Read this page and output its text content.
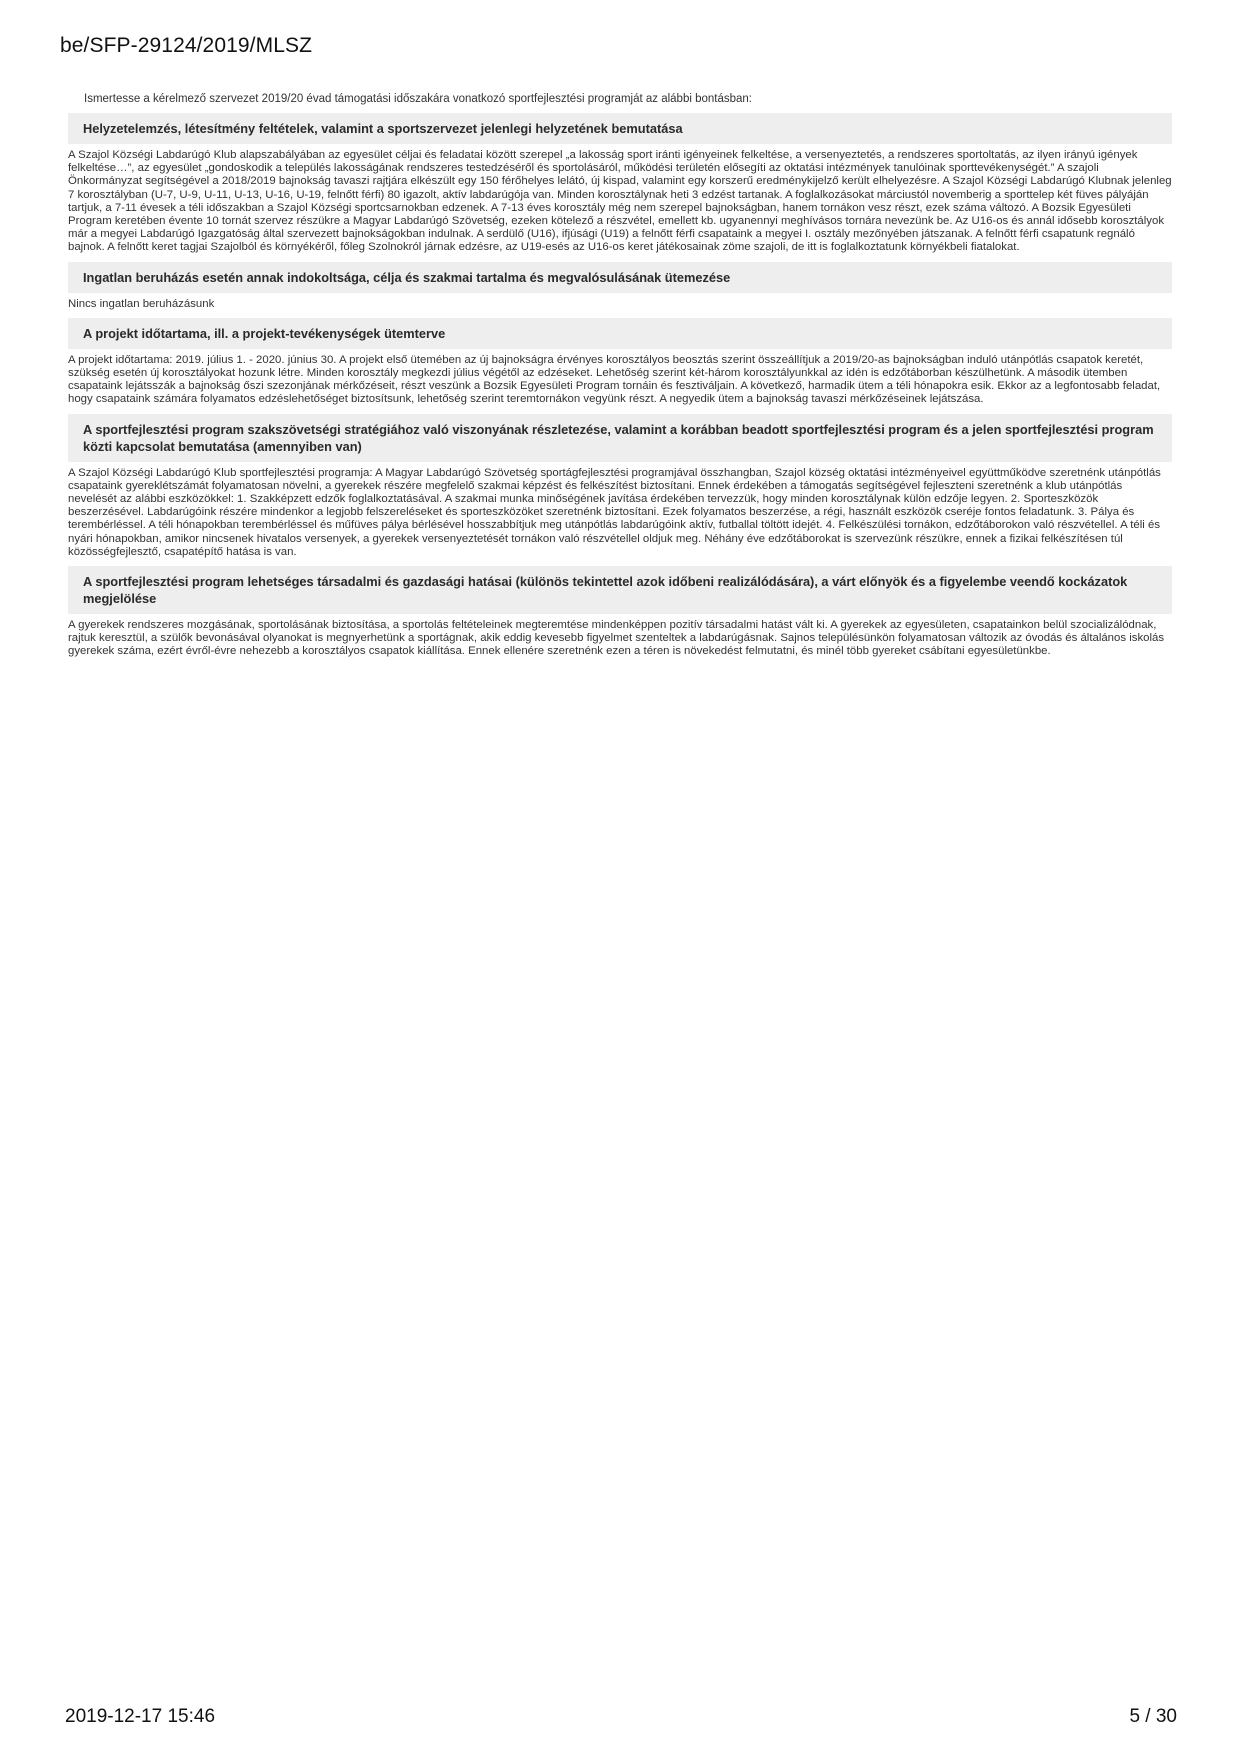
be/SFP-29124/2019/MLSZ
Ismertesse a kérelmező szervezet 2019/20 évad támogatási időszakára vonatkozó sportfejlesztési programját az alábbi bontásban:
Helyzetelemzés, létesítmény feltételek, valamint a sportszervezet jelenlegi helyzetének bemutatása
A Szajol Községi Labdarúgó Klub alapszabályában az egyesület céljai és feladatai között szerepel „a lakosság sport iránti igényeinek felkeltése, a versenyeztetés, a rendszeres sportoltatás, az ilyen irányú igények felkeltése…”, az egyesület „gondoskodik a település lakosságának rendszeres testedzéséről és sportolásáról, működési területén elősegíti az oktatási intézmények tanulóinak sporttevékenységét.” A szajoli Önkormányzat segítségével a 2018/2019 bajnokság tavaszi rajtjára elkészült egy 150 férőhelyes lelátó, új kispad, valamint egy korszerű eredménykijelző került elhelyezésre. A Szajol Községi Labdarúgó Klubnak jelenleg 7 korosztályban (U-7, U-9, U-11, U-13, U-16, U-19, felnőtt férfi) 80 igazolt, aktív labdarúgója van. Minden korosztálynak heti 3 edzést tartanak. A foglalkozásokat márciustól novemberig a sporttelep két füves pályáján tartjuk, a 7-11 évesek a téli időszakban a Szajol Községi sportcsarnokban edzenek. A 7-13 éves korosztály még nem szerepel bajnokságban, hanem tornákon vesz részt, ezek száma változó. A Bozsik Egyesületi Program keretében évente 10 tornát szervez részükre a Magyar Labdarúgó Szövetség, ezeken kötelező a részvétel, emellett kb. ugyanennyi meghívásos tornára nevezünk be. Az U16-os és annál idősebb korosztályok már a megyei Labdarúgó Igazgatóság által szervezett bajnokságokban indulnak. A serdülő (U16), ifjúsági (U19) a felnőtt férfi csapataink a megyei I. osztály mezőnyében játszanak. A felnőtt férfi csapatunk regnáló bajnok. A felnőtt keret tagjai Szajolból és környékéről, főleg Szolnokról járnak edzésre, az U19-esés az U16-os keret játékosainak zöme szajoli, de itt is foglalkoztatunk környékbeli fiatalokat.
Ingatlan beruházás esetén annak indokoltsága, célja és szakmai tartalma és megvalósulásának ütemezése
Nincs ingatlan beruházásunk
A projekt időtartama, ill. a projekt-tevékenységek ütemterve
A projekt időtartama: 2019. július 1. - 2020. június 30. A projekt első ütemében az új bajnokságra érvényes korosztályos beosztás szerint összeállítjuk a 2019/20-as bajnokságban induló utánpótlás csapatok keretét, szükség esetén új korosztályokat hozunk létre. Minden korosztály megkezdi július végétől az edzéseket. Lehetőség szerint két-három korosztályunkkal az idén is edzőtáborban készülhetünk. A második ütemben csapataink lejátsszák a bajnokság őszi szezonjának mérkőzéseit, részt veszünk a Bozsik Egyesületi Program tornáin és fesztiváljain. A következő, harmadik ütem a téli hónapokra esik. Ekkor az a legfontosabb feladat, hogy csapataink számára folyamatos edzéslehetőséget biztosítsunk, lehetőség szerint teremtornákon vegyünk részt. A negyedik ütem a bajnokság tavaszi mérkőzéseinek lejátszása.
A sportfejlesztési program szakszövetségi stratégiához való viszonyának részletezése, valamint a korábban beadott sportfejlesztési program és a jelen sportfejlesztési program közti kapcsolat bemutatása (amennyiben van)
A Szajol Községi Labdarúgó Klub sportfejlesztési programja: A Magyar Labdarúgó Szövetség sportágfejlesztési programjával összhangban, Szajol község oktatási intézményeivel együttműködve szeretnénk utánpótlás csapataink gyereklétszámát folyamatosan növelni, a gyerekek részére megfelelő szakmai képzést és felkészítést biztosítani. Ennek érdekében a támogatás segítségével fejleszteni szeretnénk a klub utánpótlás nevelését az alábbi eszközökkel: 1. Szakképzett edzők foglalkoztatásával. A szakmai munka minőségének javítása érdekében tervezzük, hogy minden korosztálynak külön edzője legyen. 2. Sporteszközök beszerzésével. Labdarúgóink részére mindenkor a legjobb felszereléseket és sporteszközöket szeretnénk biztosítani. Ezek folyamatos beszerzése, a régi, használt eszközök cseréje fontos feladatunk. 3. Pálya és terembérléssel. A téli hónapokban terembérléssel és műfüves pálya bérlésével hosszabbítjuk meg utánpótlás labdarúgóink aktív, futballal töltött idejét. 4. Felkészülési tornákon, edzőtáborokon való részvétellel. A téli és nyári hónapokban, amikor nincsenek hivatalos versenyek, a gyerekek versenyeztetését tornákon való részvétellel oldjuk meg. Néhány éve edzőtáborokat is szervezünk részükre, ennek a fizikai felkészítésen túl közösségfejlesztő, csapatépítő hatása is van.
A sportfejlesztési program lehetséges társadalmi és gazdasági hatásai (különös tekintettel azok időbeni realizálódására), a várt előnyök és a figyelembe veendő kockázatok megjelölése
A gyerekek rendszeres mozgásának, sportolásának biztosítása, a sportolás feltételeinek megteremtése mindenképpen pozitív társadalmi hatást vált ki. A gyerekek az egyesületen, csapatainkon belül szocializálódnak, rajtuk keresztül, a szülők bevonásával olyanokat is megnyerhetünk a sportágnak, akik eddig kevesebb figyelmet szenteltek a labdarúgásnak. Sajnos településünkön folyamatosan változik az óvodás és általános iskolás gyerekek száma, ezért évről-évre nehezebb a korosztályos csapatok kiállítása. Ennek ellenére szeretnénk ezen a téren is növekedést felmutatni, és minél több gyereket csábítani egyesületünkbe.
2019-12-17 15:46	5 / 30
